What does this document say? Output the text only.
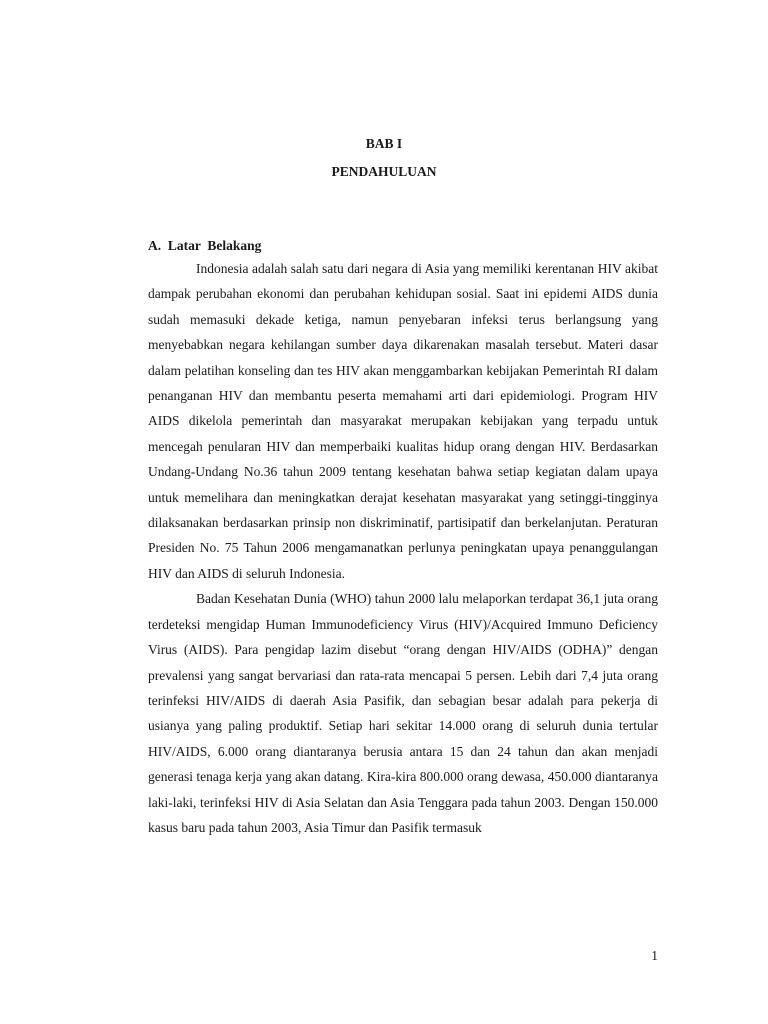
BAB I
PENDAHULUAN
A.  Latar  Belakang

Indonesia adalah salah satu dari negara di Asia yang memiliki kerentanan HIV akibat dampak perubahan ekonomi dan perubahan kehidupan sosial. Saat ini epidemi AIDS dunia sudah memasuki dekade ketiga, namun penyebaran infeksi terus berlangsung yang menyebabkan negara kehilangan sumber daya dikarenakan masalah tersebut. Materi dasar dalam pelatihan konseling dan tes HIV akan menggambarkan kebijakan Pemerintah RI dalam penanganan HIV dan membantu peserta memahami arti dari epidemiologi. Program HIV AIDS dikelola pemerintah dan masyarakat merupakan kebijakan yang terpadu untuk mencegah penularan HIV dan memperbaiki kualitas hidup orang dengan HIV. Berdasarkan Undang-Undang No.36 tahun 2009 tentang kesehatan bahwa setiap kegiatan dalam upaya untuk memelihara dan meningkatkan derajat kesehatan masyarakat yang setinggi-tingginya dilaksanakan berdasarkan prinsip non diskriminatif, partisipatif dan berkelanjutan. Peraturan Presiden No. 75 Tahun 2006 mengamanatkan perlunya peningkatan upaya penanggulangan HIV dan AIDS di seluruh Indonesia.

Badan Kesehatan Dunia (WHO) tahun 2000 lalu melaporkan terdapat 36,1 juta orang terdeteksi mengidap Human Immunodeficiency Virus (HIV)/Acquired Immuno Deficiency Virus (AIDS). Para pengidap lazim disebut “orang dengan HIV/AIDS (ODHA)” dengan prevalensi yang sangat bervariasi dan rata-rata mencapai 5 persen. Lebih dari 7,4 juta orang terinfeksi HIV/AIDS di daerah Asia Pasifik, dan sebagian besar adalah para pekerja di usianya yang paling produktif. Setiap hari sekitar 14.000 orang di seluruh dunia tertular HIV/AIDS, 6.000 orang diantaranya berusia antara 15 dan 24 tahun dan akan menjadi generasi tenaga kerja yang akan datang. Kira-kira 800.000 orang dewasa, 450.000 diantaranya laki-laki, terinfeksi HIV di Asia Selatan dan Asia Tenggara pada tahun 2003. Dengan 150.000 kasus baru pada tahun 2003, Asia Timur dan Pasifik termasuk

1
